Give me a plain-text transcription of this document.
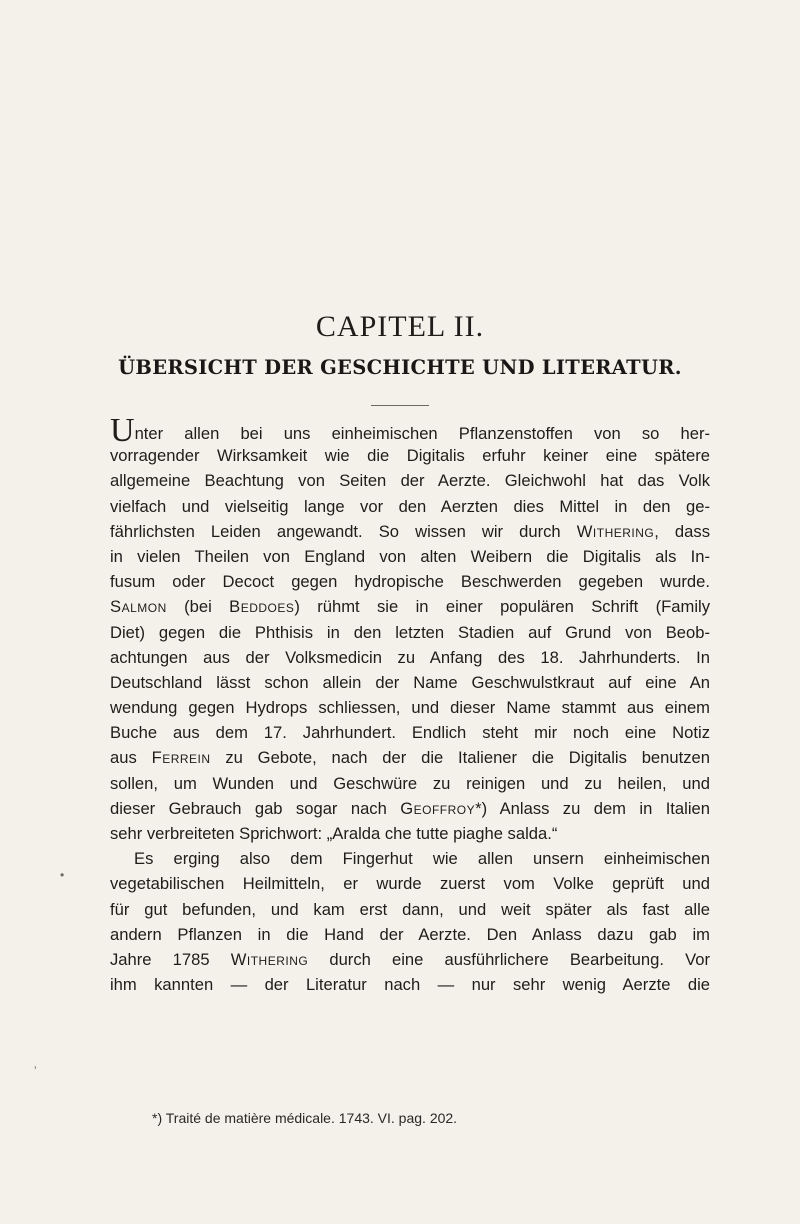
CAPITEL II.
ÜBERSICHT DER GESCHICHTE UND LITERATUR.
Unter allen bei uns einheimischen Pflanzenstoffen von so her-
vorragender Wirksamkeit wie die Digitalis erfuhr keiner eine spätere
allgemeine Beachtung von Seiten der Aerzte. Gleichwohl hat das Volk
vielfach und vielseitig lange vor den Aerzten dies Mittel in den ge-
fährlichsten Leiden angewandt. So wissen wir durch Withering, dass
in vielen Theilen von England von alten Weibern die Digitalis als In-
fusum oder Decoct gegen hydropische Beschwerden gegeben wurde.
Salmon (bei Beddoes) rühmt sie in einer populären Schrift (Family
Diet) gegen die Phthisis in den letzten Stadien auf Grund von Beob-
achtungen aus der Volksmedicin zu Anfang des 18. Jahrhunderts. In
Deutschland lässt schon allein der Name Geschwulstkraut auf eine An
wendung gegen Hydrops schliessen, und dieser Name stammt aus einem
Buche aus dem 17. Jahrhundert. Endlich steht mir noch eine Notiz
aus Ferrein zu Gebote, nach der die Italiener die Digitalis benutzen
sollen, um Wunden und Geschwüre zu reinigen und zu heilen, und
dieser Gebrauch gab sogar nach Geoffroy*) Anlass zu dem in Italien
sehr verbreiteten Sprichwort: „Aralda che tutte piaghe salda.“
Es erging also dem Fingerhut wie allen unsern einheimischen
vegetabilischen Heilmitteln, er wurde zuerst vom Volke geprüft und
für gut befunden, und kam erst dann, und weit später als fast alle
andern Pflanzen in die Hand der Aerzte. Den Anlass dazu gab im
Jahre 1785 Withering durch eine ausführlichere Bearbeitung. Vor
ihm kannten — der Literatur nach — nur sehr wenig Aerzte die
*) Traité de matière médicale. 1743. VI. pag. 202.
•
ʼ
